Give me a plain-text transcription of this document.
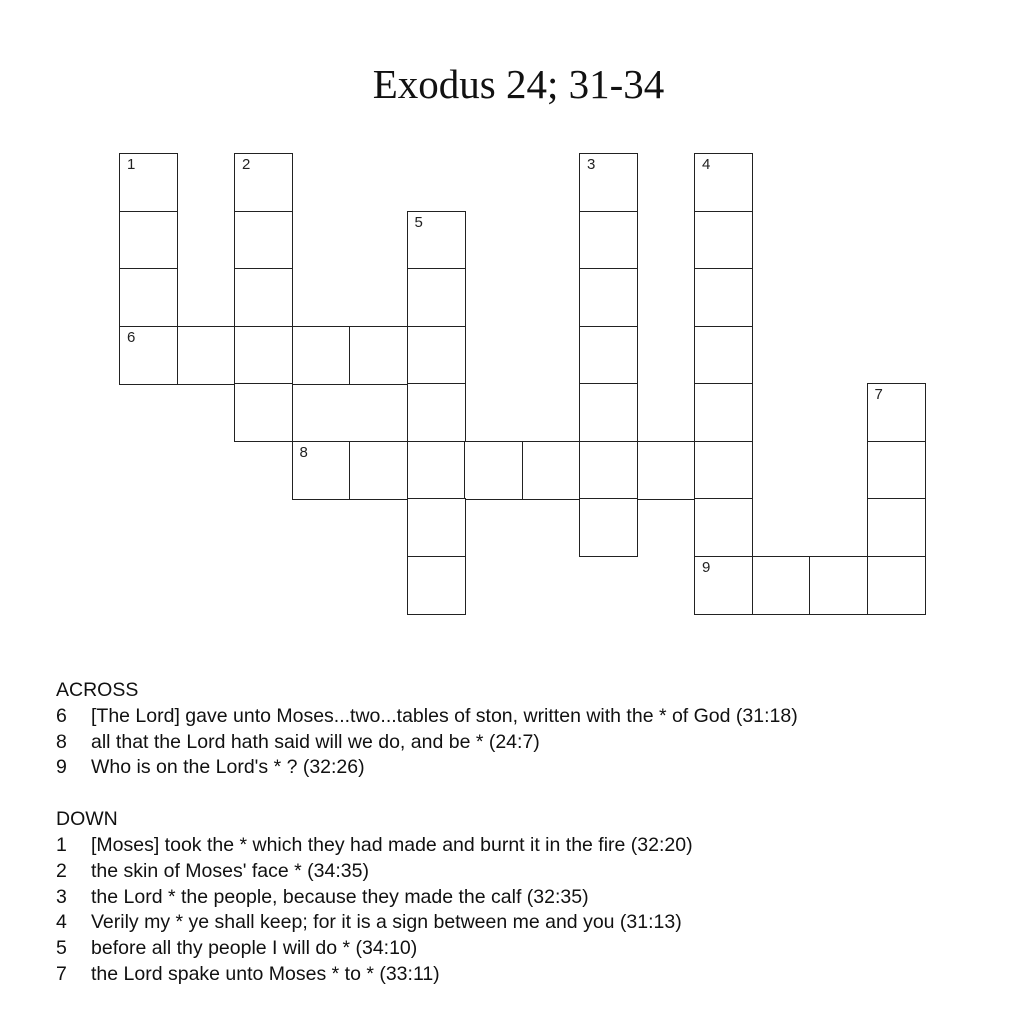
Exodus 24; 31-34
1	2	3	4
5
6
7
8
9
ACROSS
6	[The Lord] gave unto Moses...two...tables of ston, written with the * of God (31:18)
8	all that the Lord hath said will we do, and be * (24:7)
9	Who is on the Lord's * ? (32:26)
DOWN
1	[Moses] took the * which they had made and burnt it in the fire (32:20)
2	the skin of Moses' face * (34:35)
3	the Lord * the people, because they made the calf (32:35)
4	Verily my * ye shall keep; for it is a sign between me and you (31:13)
5	before all thy people I will do * (34:10)
7	the Lord spake unto Moses * to * (33:11)
